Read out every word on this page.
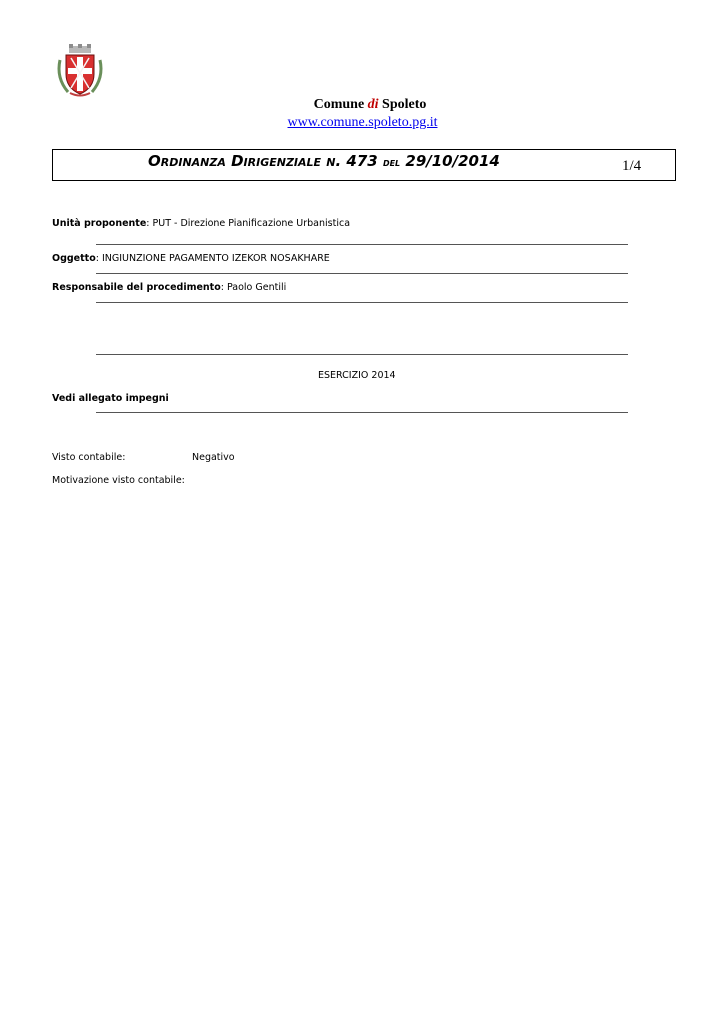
Comune di Spoleto
www.comune.spoleto.pg.it
Ordinanza Dirigenziale n. 473 del 29/10/2014	1/4
Unità proponente: PUT - Direzione Pianificazione Urbanistica
Oggetto: INGIUNZIONE PAGAMENTO IZEKOR NOSAKHARE
Responsabile del procedimento: Paolo Gentili
ESERCIZIO 2014
Vedi allegato impegni
Visto contabile:	Negativo
Motivazione visto contabile:
